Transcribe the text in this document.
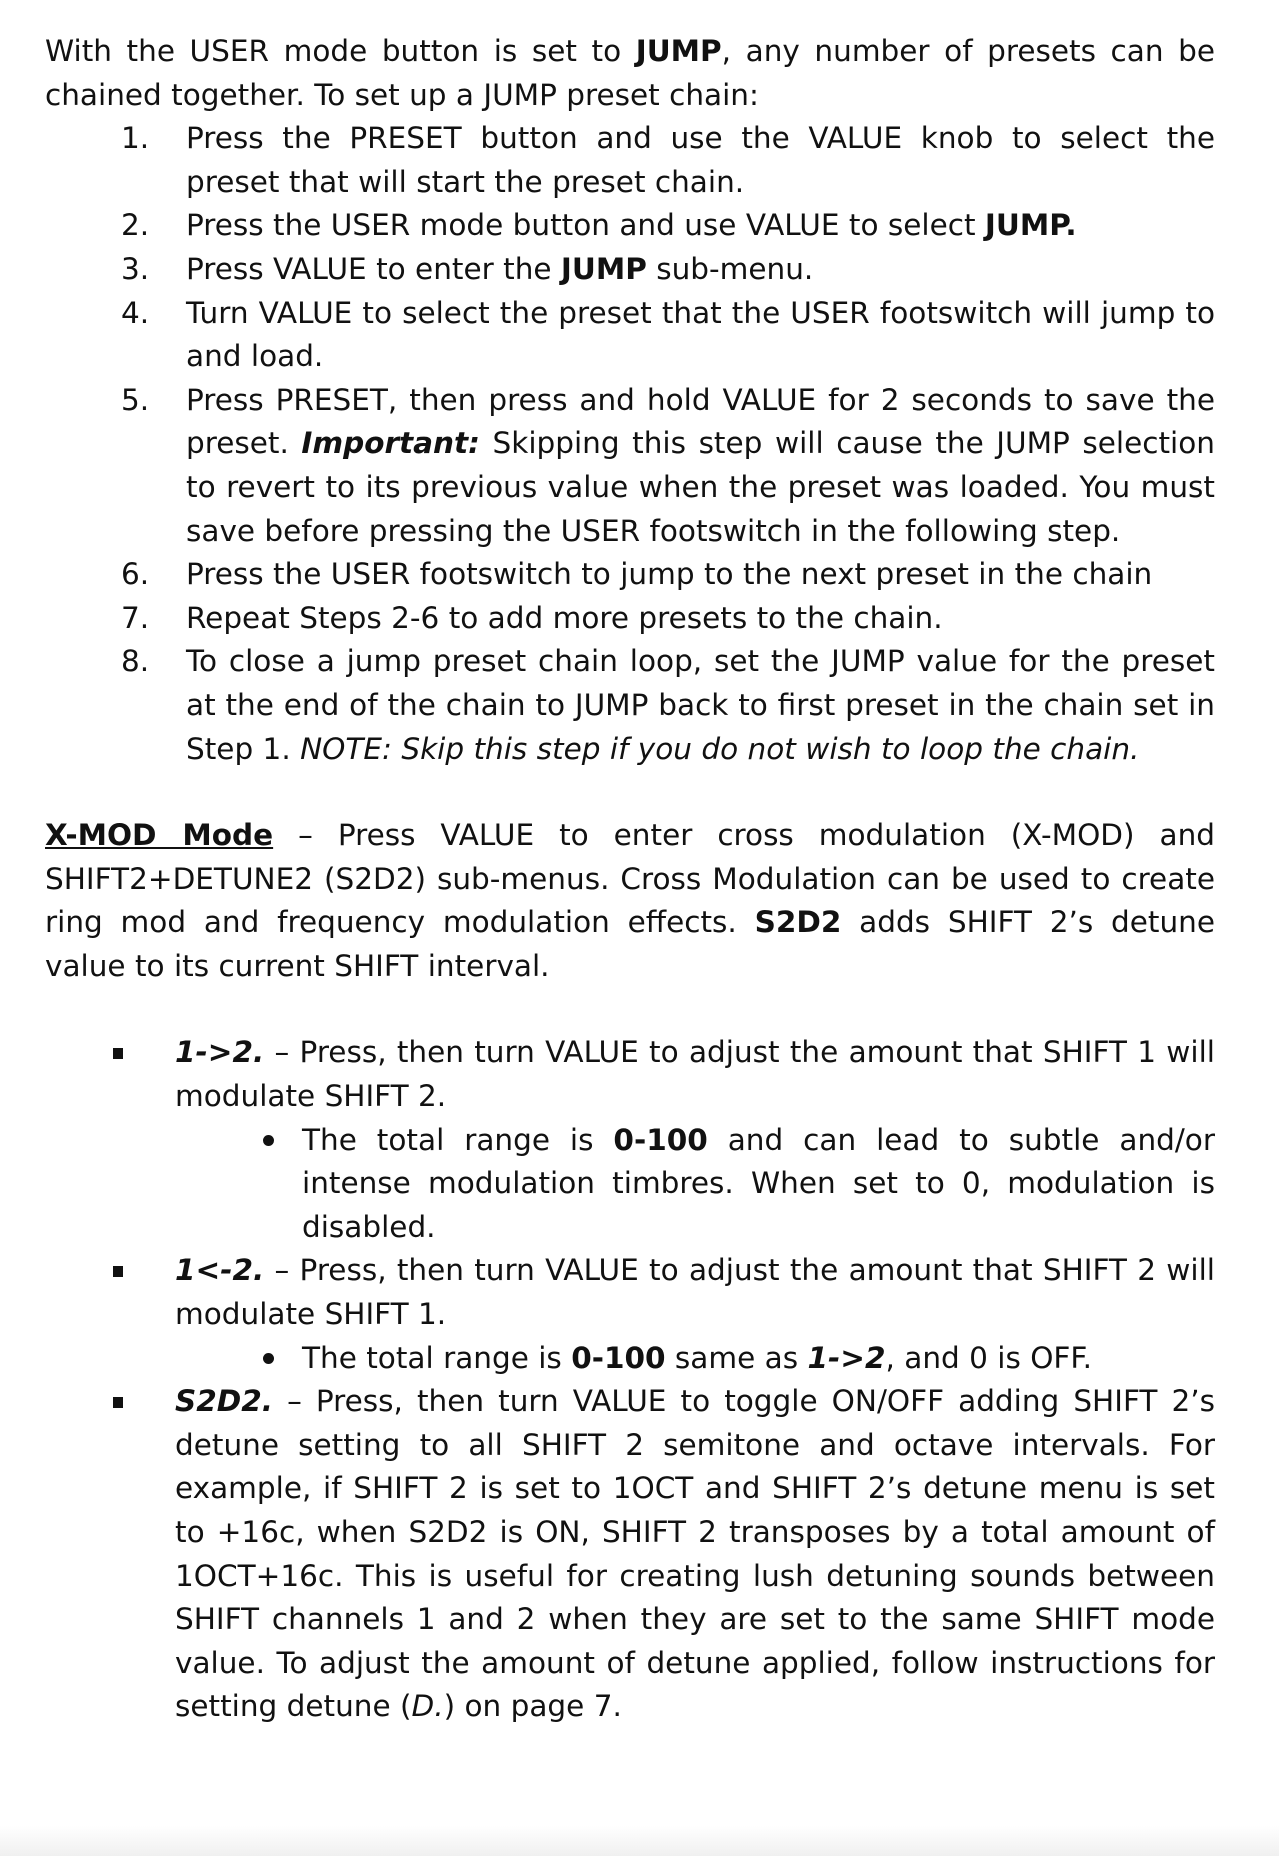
With the USER mode button is set to JUMP, any number of presets can be chained together. To set up a JUMP preset chain:

1. Press the PRESET button and use the VALUE knob to select the preset that will start the preset chain.
2. Press the USER mode button and use VALUE to select JUMP.
3. Press VALUE to enter the JUMP sub-menu.
4. Turn VALUE to select the preset that the USER footswitch will jump to and load.
5. Press PRESET, then press and hold VALUE for 2 seconds to save the preset. Important: Skipping this step will cause the JUMP selection to revert to its previous value when the preset was loaded. You must save before pressing the USER footswitch in the following step.
6. Press the USER footswitch to jump to the next preset in the chain
7. Repeat Steps 2-6 to add more presets to the chain.
8. To close a jump preset chain loop, set the JUMP value for the preset at the end of the chain to JUMP back to first preset in the chain set in Step 1. NOTE: Skip this step if you do not wish to loop the chain.

X-MOD Mode – Press VALUE to enter cross modulation (X-MOD) and SHIFT2+DETUNE2 (S2D2) sub-menus. Cross Modulation can be used to create ring mod and frequency modulation effects. S2D2 adds SHIFT 2’s detune value to its current SHIFT interval.

1->2. – Press, then turn VALUE to adjust the amount that SHIFT 1 will modulate SHIFT 2.
The total range is 0-100 and can lead to subtle and/or intense modulation timbres. When set to 0, modulation is disabled.
1<-2. – Press, then turn VALUE to adjust the amount that SHIFT 2 will modulate SHIFT 1.
The total range is 0-100 same as 1->2, and 0 is OFF.
S2D2. – Press, then turn VALUE to toggle ON/OFF adding SHIFT 2’s detune setting to all SHIFT 2 semitone and octave intervals. For example, if SHIFT 2 is set to 1OCT and SHIFT 2’s detune menu is set to +16c, when S2D2 is ON, SHIFT 2 transposes by a total amount of 1OCT+16c. This is useful for creating lush detuning sounds between SHIFT channels 1 and 2 when they are set to the same SHIFT mode value. To adjust the amount of detune applied, follow instructions for setting detune (D.) on page 7.
